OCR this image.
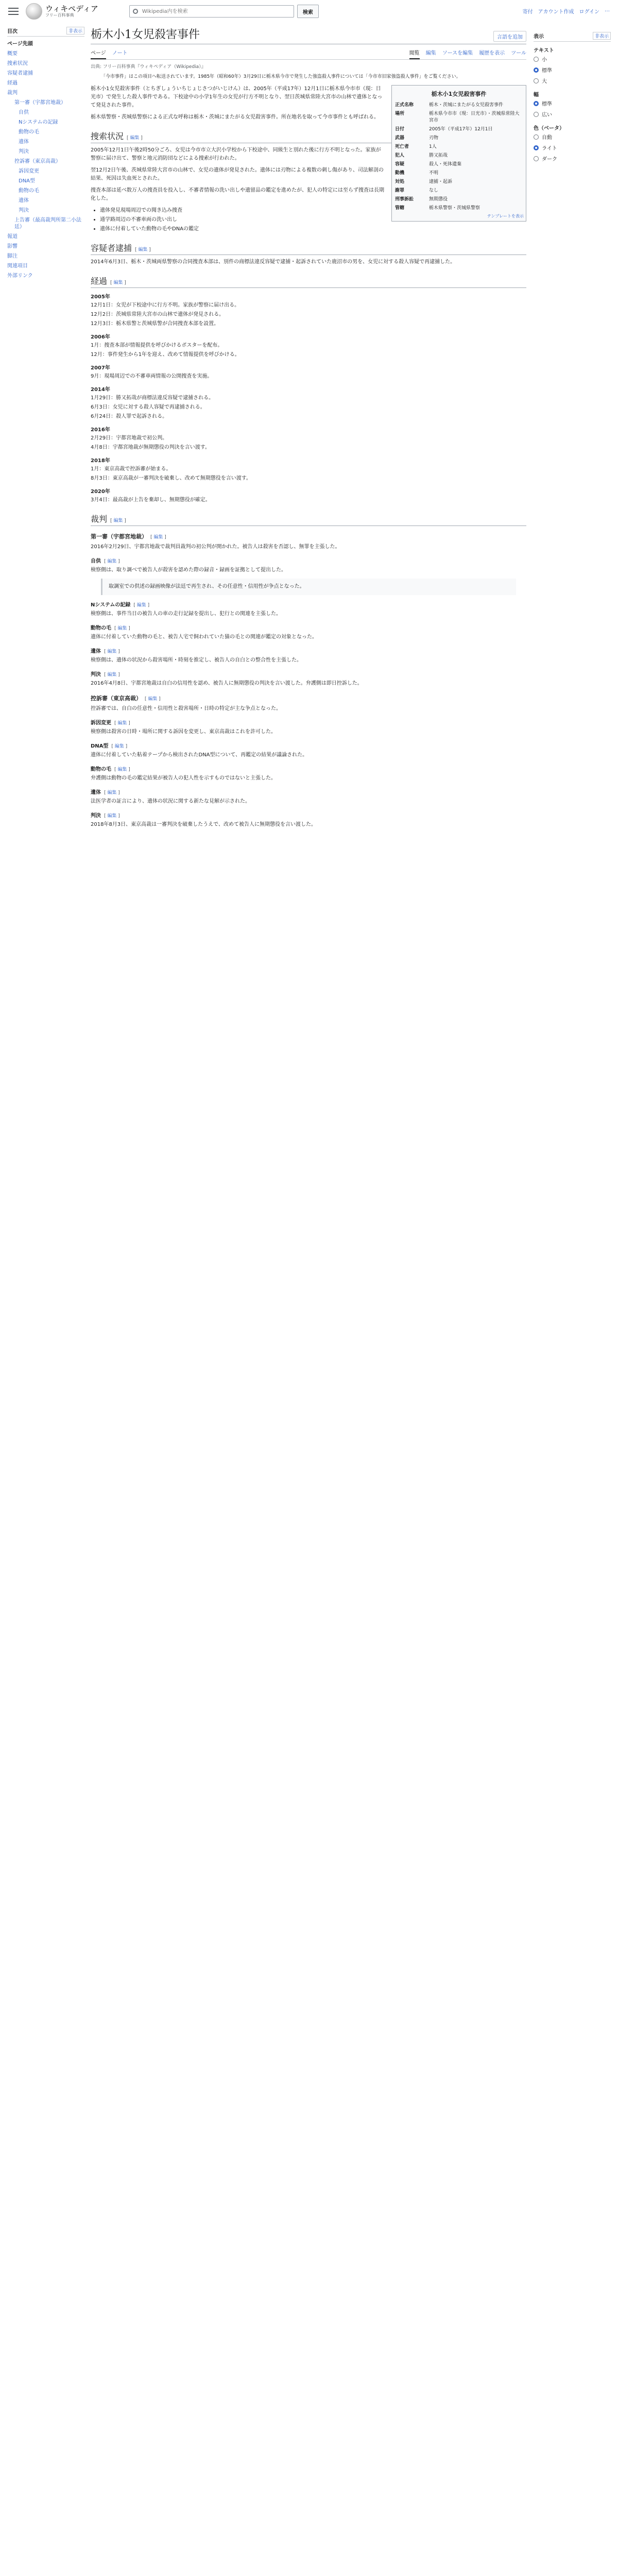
ウィキペディア
フリー百科事典
Wikipedia内を検索	検索	寄付 アカウント作成 ログイン …
目次	非表示
ページ先頭
概要
捜索状況
容疑者逮捕
経過
裁判
第一審（宇都宮地裁）
自供
Nシステムの記録
動物の毛
遺体
判決
控訴審（東京高裁）
訴因変更
DNA型
動物の毛
遺体
判決
上告審（最高裁判所第二小法廷）
報道
影響
脚注
関連項目
外部リンク
栃木小1女児殺害事件	言語を追加
ページ ノート	閲覧 編集 ソースを編集 履歴を表示 ツール
出典: フリー百科事典『ウィキペディア（Wikipedia）』
「今市事件」はこの項目へ転送されています。1985年（昭和60年）3月29日に栃木県今市で発生した強盗殺人事件については「今市市旧家強盗殺人事件」をご覧ください。
栃木小1女児殺害事件
正式名称	栃木・茨城にまたがる女児殺害事件
場所	栃木県今市市（現：日光市）・茨城県常陸大宮市
日付	2005年（平成17年）12月1日
武器	刃物
死亡者	1人
犯人	勝又拓哉
容疑	殺人・死体遺棄
動機	不明
対処	逮捕・起訴
謝罪	なし
刑事訴訟	無期懲役
管轄	栃木県警察・茨城県警察
テンプレートを表示

栃木小1女児殺害事件（とちぎしょういちじょじさつがいじけん）は、2005年（平成17年）12月1日に栃木県今市市（現：日光市）で発生した殺人事件である。下校途中の小学1年生の女児が行方不明となり、翌日茨城県常陸大宮市の山林で遺体となって発見された事件。

栃木県警察・茨城県警察による正式な呼称は栃木・茨城にまたがる女児殺害事件。所在地名を取って今市事件とも呼ばれる。

捜索状況 [ 編集 ]

2005年12月1日午後2時50分ごろ、女児は今市市立大沢小学校から下校途中、同級生と別れた後に行方不明となった。家族が警察に届け出て、警察と地元消防団などによる捜索が行われた。

翌12月2日午後、茨城県常陸大宮市の山林で、女児の遺体が発見された。遺体には刃物による複数の刺し傷があり、司法解剖の結果、死因は失血死とされた。

捜査本部は延べ数万人の捜査員を投入し、不審者情報の洗い出しや遺留品の鑑定を進めたが、犯人の特定には至らず捜査は長期化した。

• 遺体発見現場周辺での聞き込み捜査
• 通学路周辺の不審車両の洗い出し
• 遺体に付着していた動物の毛やDNAの鑑定
容疑者逮捕 [ 編集 ]

2014年6月3日、栃木・茨城両県警察の合同捜査本部は、別件の商標法違反容疑で逮捕・起訴されていた鹿沼市の男を、女児に対する殺人容疑で再逮捕した。

経過 [ 編集 ]
2005年
12月1日：女児が下校途中に行方不明。家族が警察に届け出る。
12月2日：茨城県常陸大宮市の山林で遺体が発見される。
12月3日：栃木県警と茨城県警が合同捜査本部を設置。
2006年
1月：捜査本部が情報提供を呼びかけるポスターを配布。
12月：事件発生から1年を迎え、改めて情報提供を呼びかける。
2007年
9月：現場周辺での不審車両情報の公開捜査を実施。
2014年
1月29日：勝又拓哉が商標法違反容疑で逮捕される。
6月3日：女児に対する殺人容疑で再逮捕される。
6月24日：殺人罪で起訴される。
2016年
2月29日：宇都宮地裁で初公判。
4月8日：宇都宮地裁が無期懲役の判決を言い渡す。
2018年
1月：東京高裁で控訴審が始まる。
8月3日：東京高裁が一審判決を破棄し、改めて無期懲役を言い渡す。
2020年
3月4日：最高裁が上告を棄却し、無期懲役が確定。
裁判 [ 編集 ]
第一審（宇都宮地裁） [ 編集 ]

2016年2月29日、宇都宮地裁で裁判員裁判の初公判が開かれた。被告人は殺害を否認し、無罪を主張した。

自供 [ 編集 ]

検察側は、取り調べで被告人が殺害を認めた際の録音・録画を証拠として提出した。

取調室での供述の録画映像が法廷で再生され、その任意性・信用性が争点となった。
Nシステムの記録 [ 編集 ]

検察側は、事件当日の被告人の車の走行記録を提出し、犯行との関連を主張した。

動物の毛 [ 編集 ]

遺体に付着していた動物の毛と、被告人宅で飼われていた猫の毛との関連が鑑定の対象となった。

遺体 [ 編集 ]

検察側は、遺体の状況から殺害場所・時刻を推定し、被告人の自白との整合性を主張した。

判決 [ 編集 ]

2016年4月8日、宇都宮地裁は自白の信用性を認め、被告人に無期懲役の判決を言い渡した。弁護側は即日控訴した。

控訴審（東京高裁） [ 編集 ]

控訴審では、自白の任意性・信用性と殺害場所・日時の特定が主な争点となった。

訴因変更 [ 編集 ]

検察側は殺害の日時・場所に関する訴因を変更し、東京高裁はこれを許可した。

DNA型 [ 編集 ]

遺体に付着していた粘着テープから検出されたDNA型について、再鑑定の結果が議論された。

動物の毛 [ 編集 ]

弁護側は動物の毛の鑑定結果が被告人の犯人性を示すものではないと主張した。

遺体 [ 編集 ]

法医学者の証言により、遺体の状況に関する新たな見解が示された。

判決 [ 編集 ]

2018年8月3日、東京高裁は一審判決を破棄したうえで、改めて被告人に無期懲役を言い渡した。

表示	非表示
テキスト
小
標準
大
幅
標準
広い
色（ベータ）
自動
ライト
ダーク
